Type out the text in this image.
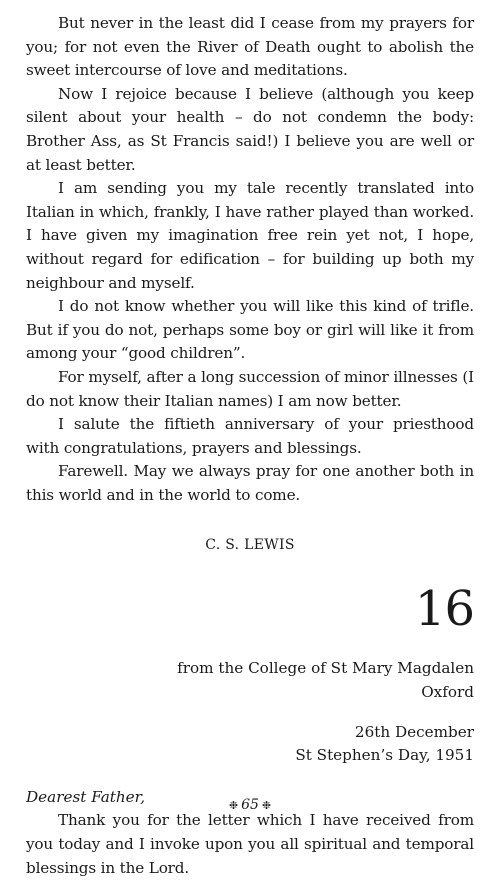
But never in the least did I cease from my prayers for you; for not even the River of Death ought to abolish the sweet intercourse of love and meditations.

Now I rejoice because I believe (although you keep silent about your health – do not condemn the body: Brother Ass, as St Francis said!) I believe you are well or at least better.

I am sending you my tale recently translated into Italian in which, frankly, I have rather played than worked. I have given my imagination free rein yet not, I hope, without regard for edification – for building up both my neighbour and myself.

I do not know whether you will like this kind of trifle. But if you do not, perhaps some boy or girl will like it from among your “good children”.

For myself, after a long succession of minor illnesses (I do not know their Italian names) I am now better.

I salute the fiftieth anniversary of your priesthood with congratulations, prayers and blessings.

Farewell. May we always pray for one another both in this world and in the world to come.

C. S. LEWIS
16
from the College of St Mary Magdalen
Oxford
26th December
St Stephen’s Day, 1951
Dearest Father,

Thank you for the letter which I have received from you today and I invoke upon you all spiritual and temporal blessings in the Lord.

❉ 65 ❉
